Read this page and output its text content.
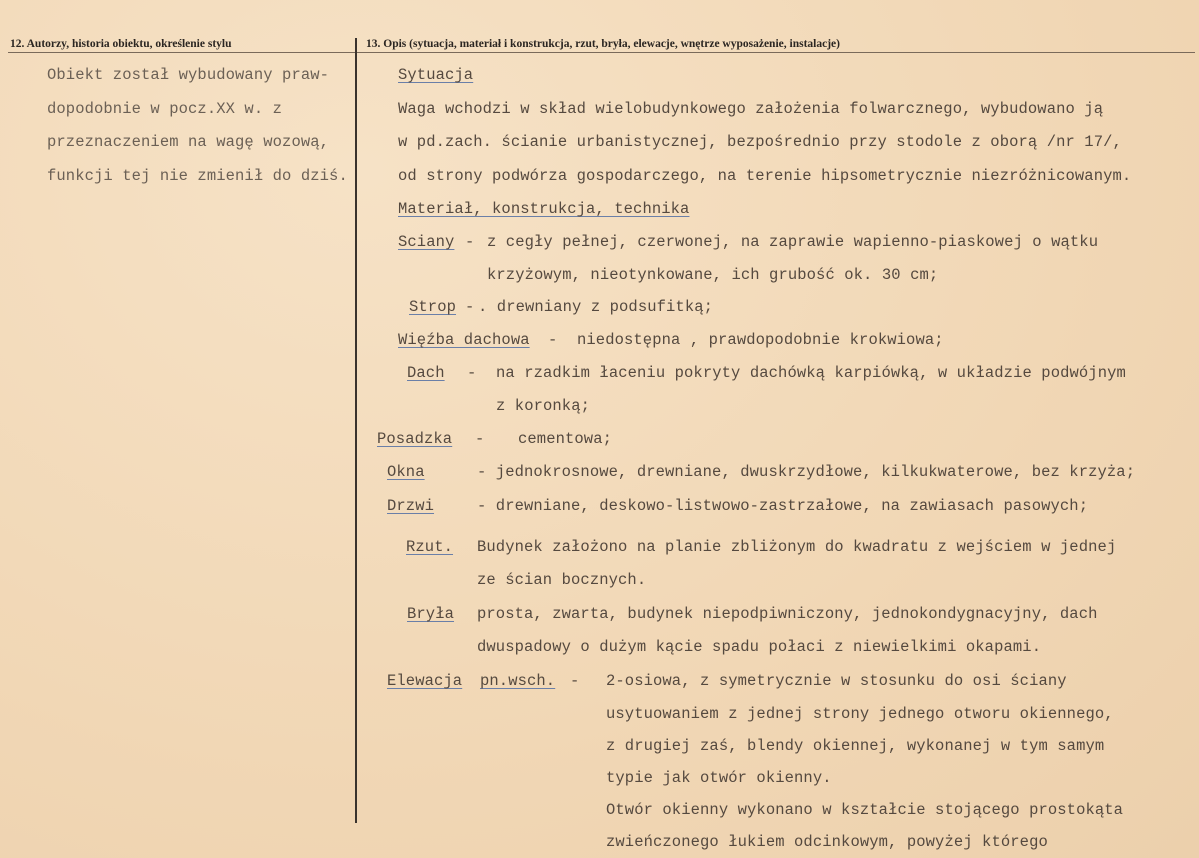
12. Autorzy, historia obiektu, określenie stylu	13. Opis (sytuacja, materiał i konstrukcja, rzut, bryła, elewacje, wnętrze wyposażenie, instalacje)
Obiekt został wybudowany praw-
dopodobnie w pocz.XX w. z
przeznaczeniem na wagę wozową,
funkcji tej nie zmienił do dziś.
Sytuacja
Waga wchodzi w skład wielobudynkowego założenia folwarcznego, wybudowano ją
w pd.zach. ścianie urbanistycznej, bezpośrednio przy stodole z oborą /nr 17/,
od strony podwórza gospodarczego, na terenie hipsometrycznie niezróżnicowanym.
Materiał, konstrukcja, technika
Sciany - z cegły pełnej, czerwonej, na zaprawie wapienno-piaskowej o wątku
krzyżowym, nieotynkowane, ich grubość ok. 30 cm;
Strop - . drewniany z podsufitką;
Więźba dachowa - niedostępna , prawdopodobnie krokwiowa;
Dach - na rzadkim łaceniu pokryty dachówką karpiówką, w układzie podwójnym
z koronką;
Posadzka - cementowa;
Okna	- jednokrosnowe, drewniane, dwuskrzydłowe, kilkukwaterowe, bez krzyża;
Drzwi	- drewniane, deskowo-listwowo-zastrzałowe, na zawiasach pasowych;
Rzut. Budynek założono na planie zbliżonym do kwadratu z wejściem w jednej
ze ścian bocznych.
Bryła prosta, zwarta, budynek niepodpiwniczony, jednokondygnacyjny, dach
dwuspadowy o dużym kącie spadu połaci z niewielkimi okapami.
Elewacja pn.wsch. - 2-osiowa, z symetrycznie w stosunku do osi ściany
usytuowaniem z jednej strony jednego otworu okiennego,
z drugiej zaś, blendy okiennej, wykonanej w tym samym
typie jak otwór okienny.
Otwór okienny wykonano w kształcie stojącego prostokąta
zwieńczonego łukiem odcinkowym, powyżej którego
